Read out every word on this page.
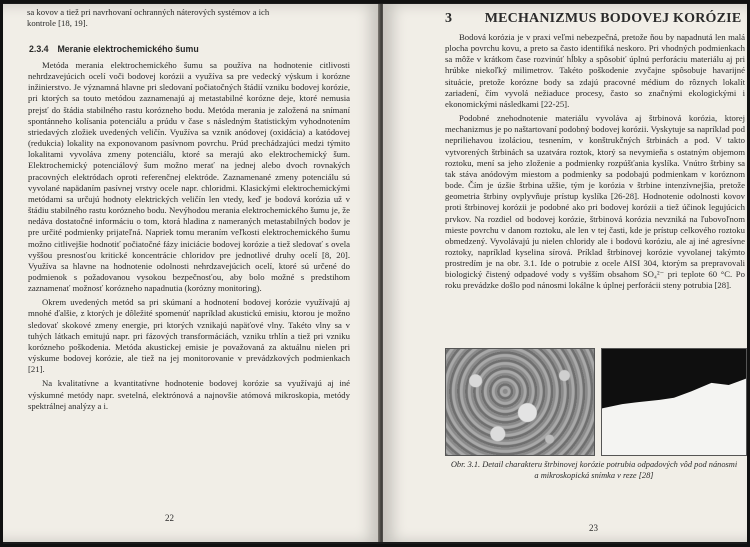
sa kovov a tiež pri navrhovaní ochranných náterových systémov a ich
kontrole [18, 19].
2.3.4 Meranie elektrochemického šumu

Metóda merania elektrochemického šumu sa používa na hodnotenie citlivosti nehrdzavejúcich ocelí voči bodovej korózii a využíva sa pre vedecký výskum i korózne inžinierstvo. Je významná hlavne pri sledovaní počiatočných štádií vzniku bodovej korózie, pri ktorých sa touto metódou zaznamenajú aj metastabilné korózne deje, ktoré nemusia prejsť do štádia stabilného rastu korózneho bodu. Metóda merania je založená na snímaní spontánneho kolísania potenciálu a prúdu v čase s následným štatistickým vyhodnotením striedavých zložiek uvedených veličín. Využíva sa vznik anódovej (oxidácia) a katódovej (redukcia) lokality na exponovanom pasívnom povrchu. Prúd prechádzajúci medzi týmito lokalitami vyvoláva zmeny potenciálu, ktoré sa merajú ako elektrochemický šum. Elektrochemický potenciálový šum možno merať na jednej alebo dvoch rovnakých pracovných elektródach oproti referenčnej elektróde. Zaznamenané zmeny potenciálu sú vyvolané napädaním pasívnej vrstvy ocele napr. chloridmi. Klasickými elektrochemickými metódami sa určujú hodnoty elektrických veličín len vtedy, keď je bodová korózia už v štádiu stabilného rastu korózneho bodu. Nevýhodou merania elektrochemického šumu je, že nedáva dostatočné informáciu o tom, ktorá hladina z nameraných metastabilných bodov je pre určité podmienky prijateľná. Napriek tomu meraním veľkosti elektrochemického šumu možno citlivejšie hodnotiť počiatočné fázy iniciácie bodovej korózie a tiež sledovať s ovela vyššou presnosťou kritické koncentrácie chloridov pre jednotlivé druhy ocelí [8, 20]. Využíva sa hlavne na hodnotenie odolnosti nehrdzavejúcich ocelí, ktoré sú určené do podmienok s požadovanou vysokou bezpečnosťou, aby bolo možné s predstihom zaznamenať možnosť korózneho napadnutia (korózny monitoring).

Okrem uvedených metód sa pri skúmaní a hodnotení bodovej korózie využívajú aj mnohé ďalšie, z ktorých je dôležité spomenúť napríklad akustickú emisiu, ktorou je možno sledovať skokové zmeny energie, pri ktorých vznikajú napäťové vlny. Takéto vlny sa v tuhých látkach emitujú napr. pri fázových transformáciách, vzniku trhlín a tiež pri vzniku korózneho poškodenia. Metóda akustickej emisie je považovaná za aktuálnu nielen pri výskume bodovej korózie, ale tiež na jej monitorovanie v prevádzkových podmienkach [21].

Na kvalitatívne a kvantitatívne hodnotenie bodovej korózie sa využívajú aj iné výskumné metódy napr. svetelná, elektrónová a najnovšie atómová mikroskopia, metódy spektrálnej analýzy a i.

22
3 MECHANIZMUS BODOVEJ KORÓZIE

Bodová korózia je v praxi veľmi nebezpečná, pretože ňou by napadnutá len malá plocha povrchu kovu, a preto sa často identifiká neskoro. Pri vhodných podmienkach sa môže v krátkom čase rozvinúť hĺbky a spôsobiť úplnú perforáciu materiálu aj pri hrúbke niekoľký milimetrov. Takéto poškodenie zvyčajne spôsobuje havarijné situácie, pretože korózne body sa zdajú pracovné médium do rôznych lokalít zariadení, čím vyvolá nežiaduce procesy, často so značnými ekologickými i ekonomickými následkami [22-25].

Podobné znehodnotenie materiálu vyvoláva aj štrbinová korózia, ktorej mechanizmus je po naštartovaní podobný bodovej korózii. Vyskytuje sa napríklad pod nepriliehavou izoláciou, tesnením, v konštrukčných štrbinách a pod. V takto vytvorených štrbinách sa uzatvára roztok, ktorý sa nevymieňa s ostatným objemom roztoku, mení sa jeho zloženie a podmienky rozpúšťania kyslíka. Vnútro štrbiny sa tak stáva anódovým miestom a podmienky sa podobajú podmienkam v koróznom bode. Čím je úzšie štrbina užšie, tým je korózia v štrbine intenzívnejšia, pretože geometria štrbiny ovplyvňuje prístup kyslíka [26-28]. Hodnotenie odolnosti kovov proti štrbinovej korózii je podobné ako pri bodovej korózii a tiež účinok legujúcich prvkov. Na rozdiel od bodovej korózie, štrbinová korózia nevzniká na ľubovoľnom mieste povrchu v danom roztoku, ale len v tej časti, kde je prístup celkového roztoku obmedzený. Vyvolávajú ju nielen chloridy ale i bodovú koróziu, ale aj iné agresívne roztoky, napríklad kyselina sírová. Príklad štrbinovej korózie vyvolanej takýmto prostredím je na obr. 3.1. Ide o potrubie z ocele AISI 304, ktorým sa prepravovali biologický čistený odpadové vody s vyšším obsahom SO₄²⁻ pri teplote 60 °C. Po roku prevádzke došlo pod nánosmi lokálne k úplnej perforácii steny potrubia [28].

Obr. 3.1. Detail charakteru štrbinovej korózie potrubia odpadových vôd pod nánosmi a mikroskopická snímka v reze [28]
23
